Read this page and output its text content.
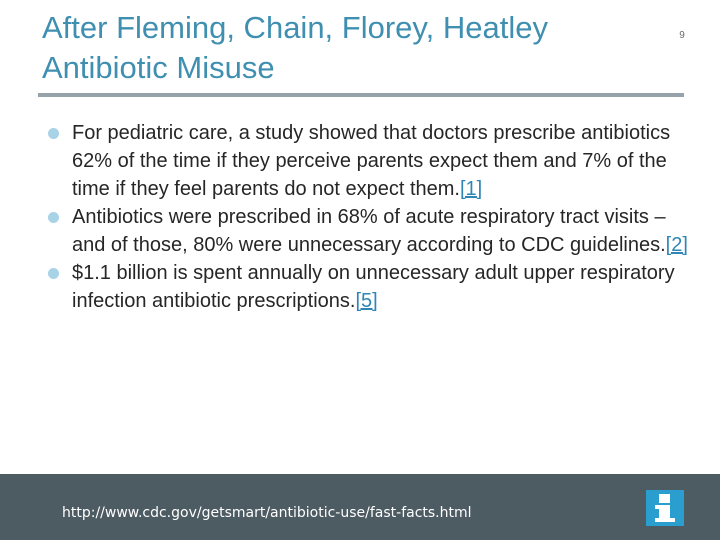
After Fleming, Chain, Florey, Heatley
Antibiotic Misuse
9
For pediatric care, a study showed that doctors prescribe antibiotics 62% of the time if they perceive parents expect them and 7% of the time if they feel parents do not expect them.[1]
Antibiotics were prescribed in 68% of acute respiratory tract visits – and of those, 80% were unnecessary according to CDC guidelines.[2]
$1.1 billion is spent annually on unnecessary adult upper respiratory infection antibiotic prescriptions.[5]
http://www.cdc.gov/getsmart/antibiotic-use/fast-facts.html
